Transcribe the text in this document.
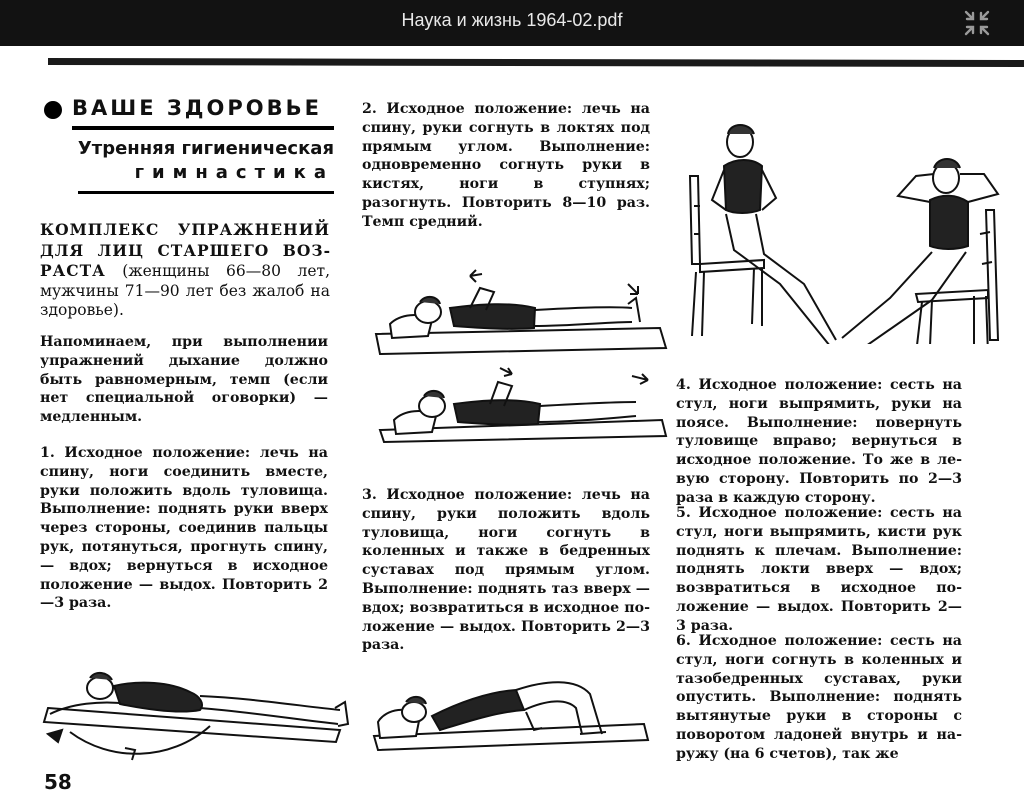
Наука и жизнь 1964-02.pdf
ВАШЕ ЗДОРОВЬЕ
Утренняя гигиеническая
гимнастика
КОМПЛЕКС УПРАЖНЕНИЙ ДЛЯ ЛИЦ СТАРШЕГО ВОЗРАСТА (женщины 66—80 лет, мужчины 71—90 лет без жалоб на здоровье).

Напоминаем, при выполнении упражнений дыхание должно быть равномерным, темп (если нет специальной оговорки) — медленным.

1. Исходное положение: лечь на спину, ноги соединить вместе, руки положить вдоль туловища. Выполнение: поднять руки вверх через стороны, соединив пальцы рук, потянуться, прогнуть спину,— вдох; вернуться в исходное положение — выдох. Повторить 2—3 раза.

2. Исходное положение: лечь на спину, руки согнуть в локтях под прямым углом. Выполнение: одновременно согнуть руки в кистях, ноги в ступнях; разогнуть. Повторить 8—10 раз. Темп средний.

3. Исходное положение: лечь на спину, руки положить вдоль туловища, ноги согнуть в коленных и также в бедренных суставах под прямым углом. Выполнение: поднять таз вверх — вдох; возвратиться в исходное положение — выдох. Повторить 2—3 раза.

4. Исходное положение: сесть на стул, ноги выпрямить, руки на поясе. Выполнение: повернуть туловище вправо; вернуться в исходное положение. То же в левую сторону. Повторить по 2—3 раза в каждую сторону.

5. Исходное положение: сесть на стул, ноги выпрямить, кисти рук поднять к плечам. Выполнение: поднять локти вверх — вдох; возвратиться в исходное положение — выдох. Повторить 2—3 раза.

6. Исходное положение: сесть на стул, ноги согнуть в коленных и тазобедренных суставах, руки опустить. Выполнение: поднять вытянутые руки в стороны с поворотом ладоней внутрь и наружу (на 6 счетов), так же

58
